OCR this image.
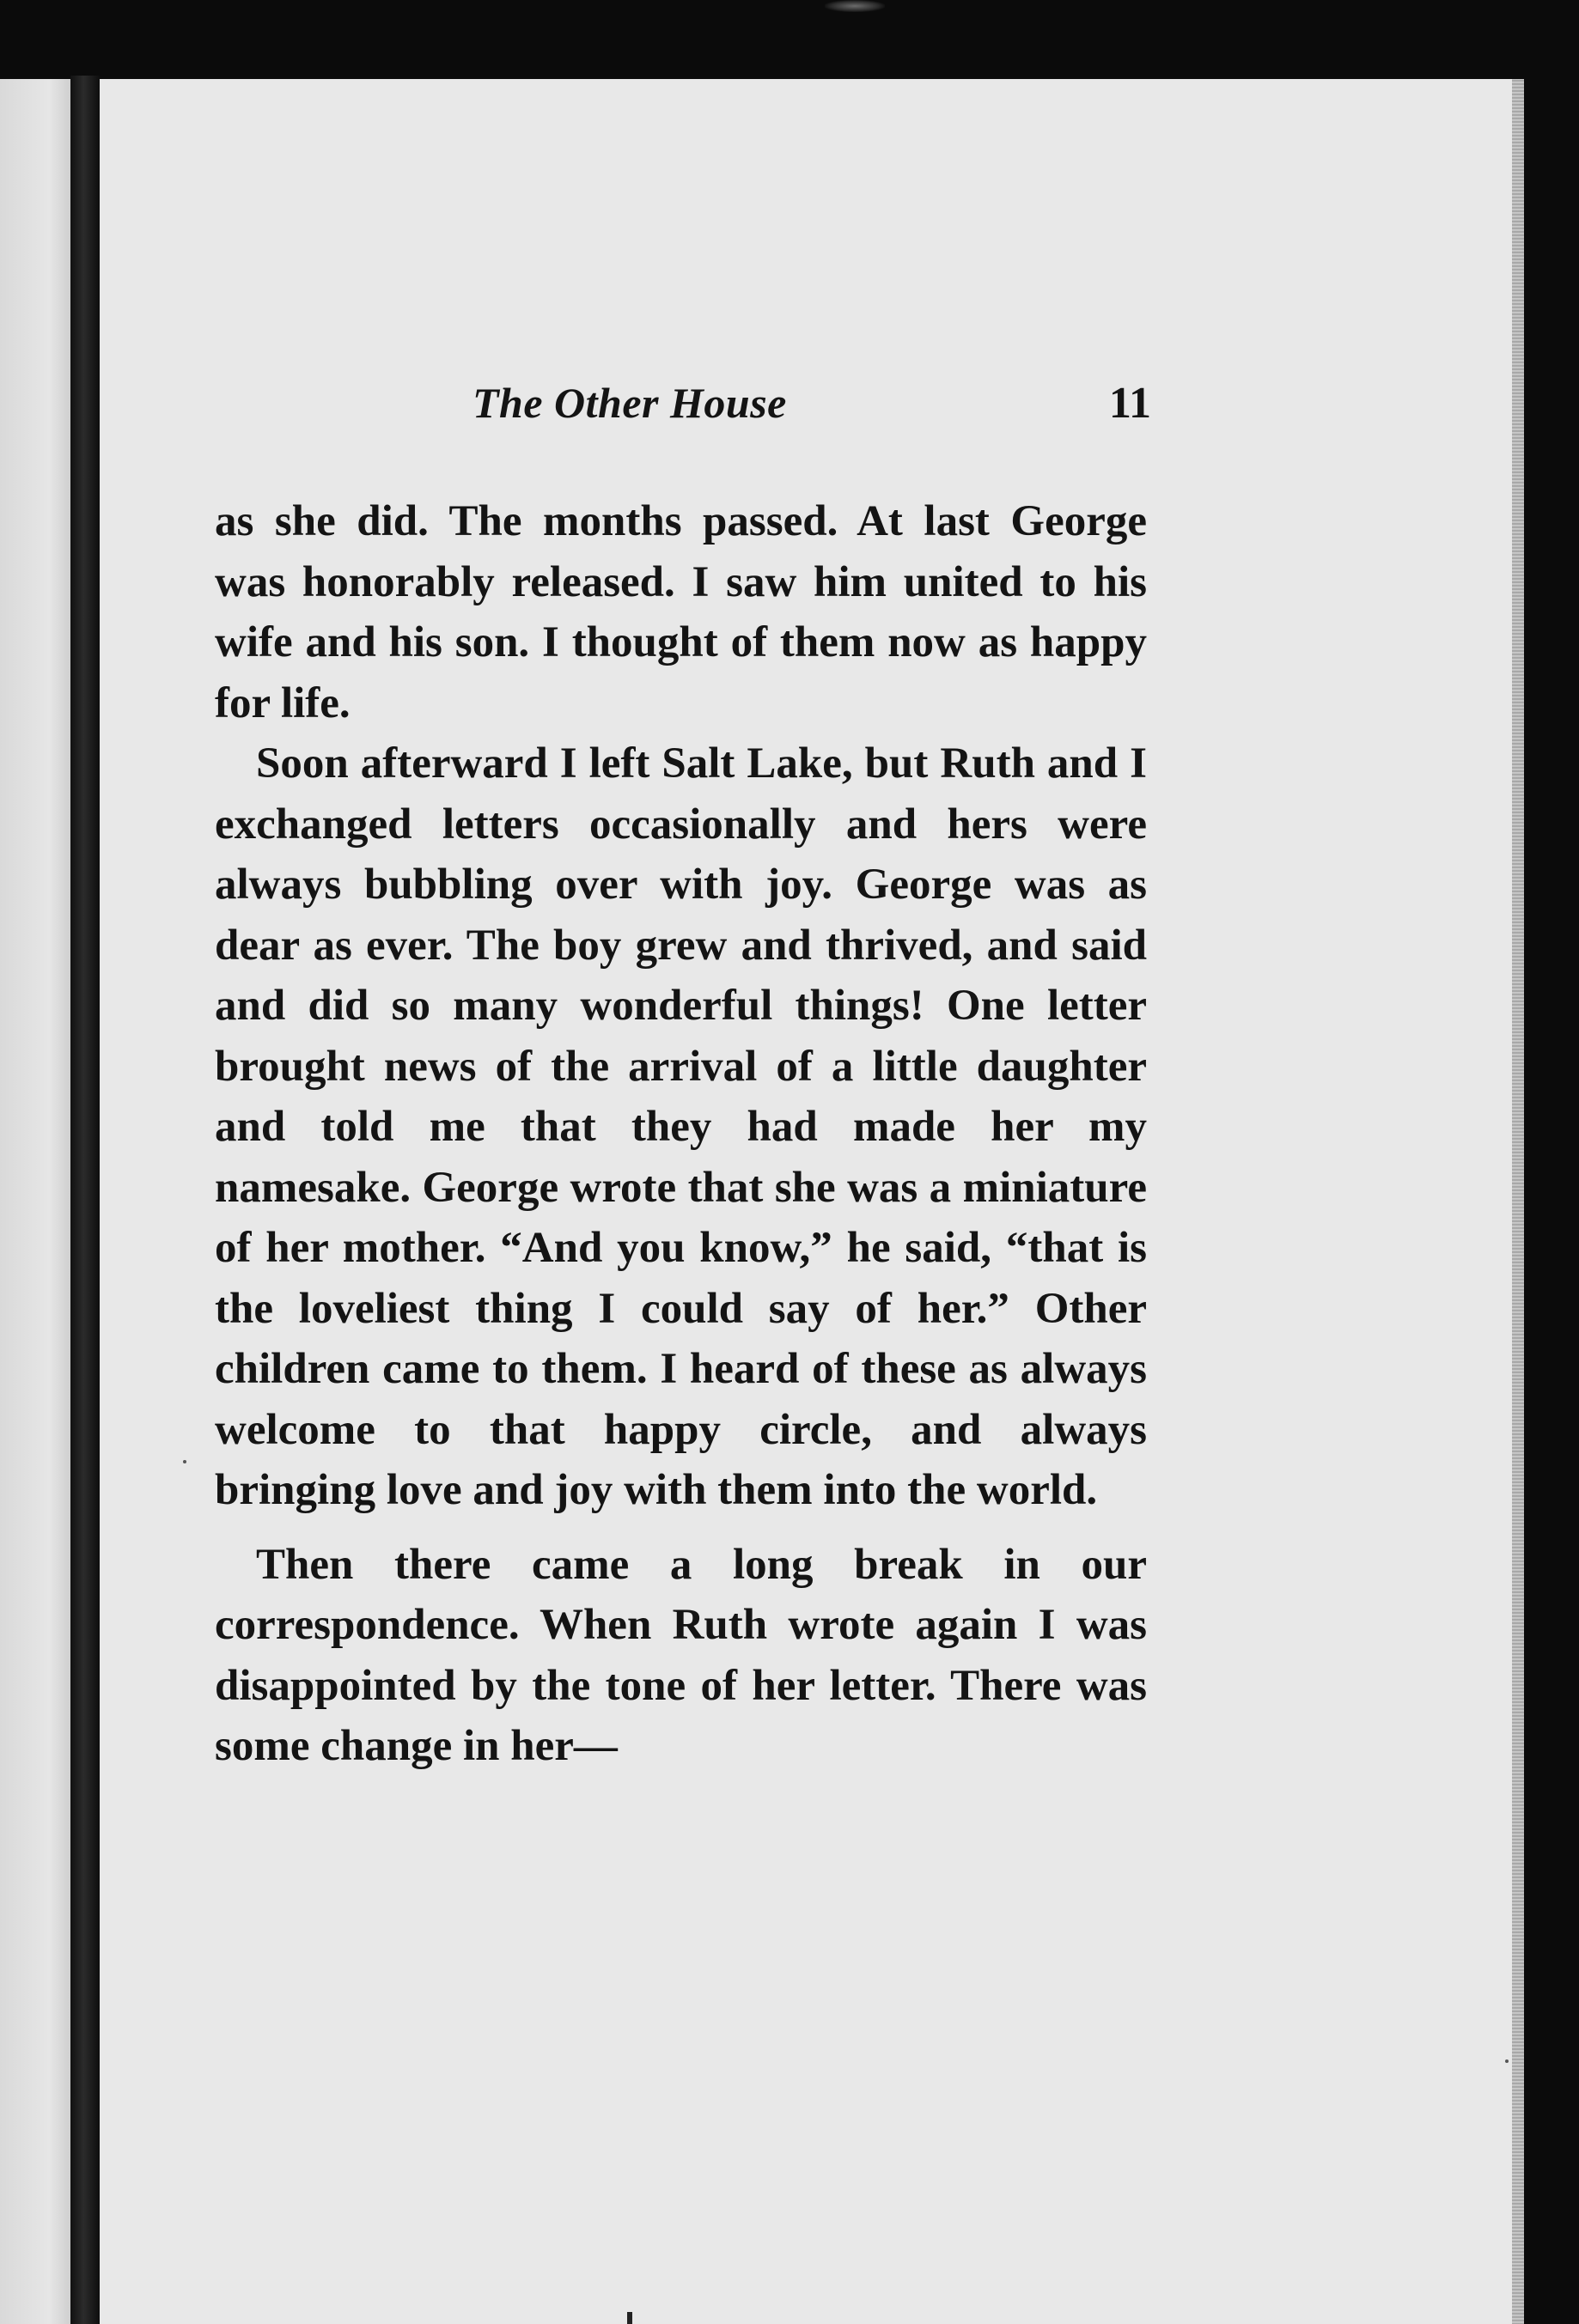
The Other House	11

as she did. The months passed. At last George was honorably released. I saw him united to his wife and his son. I thought of them now as happy for life.

Soon afterward I left Salt Lake, but Ruth and I exchanged letters occasionally and hers were always bubbling over with joy. George was as dear as ever. The boy grew and thrived, and said and did so many wonderful things! One letter brought news of the arrival of a little daughter and told me that they had made her my namesake. George wrote that she was a miniature of her mother. “And you know,” he said, “that is the loveliest thing I could say of her.” Other children came to them. I heard of these as always welcome to that happy circle, and always bringing love and joy with them into the world.

Then there came a long break in our correspondence. When Ruth wrote again I was disappointed by the tone of her letter. There was some change in her—
